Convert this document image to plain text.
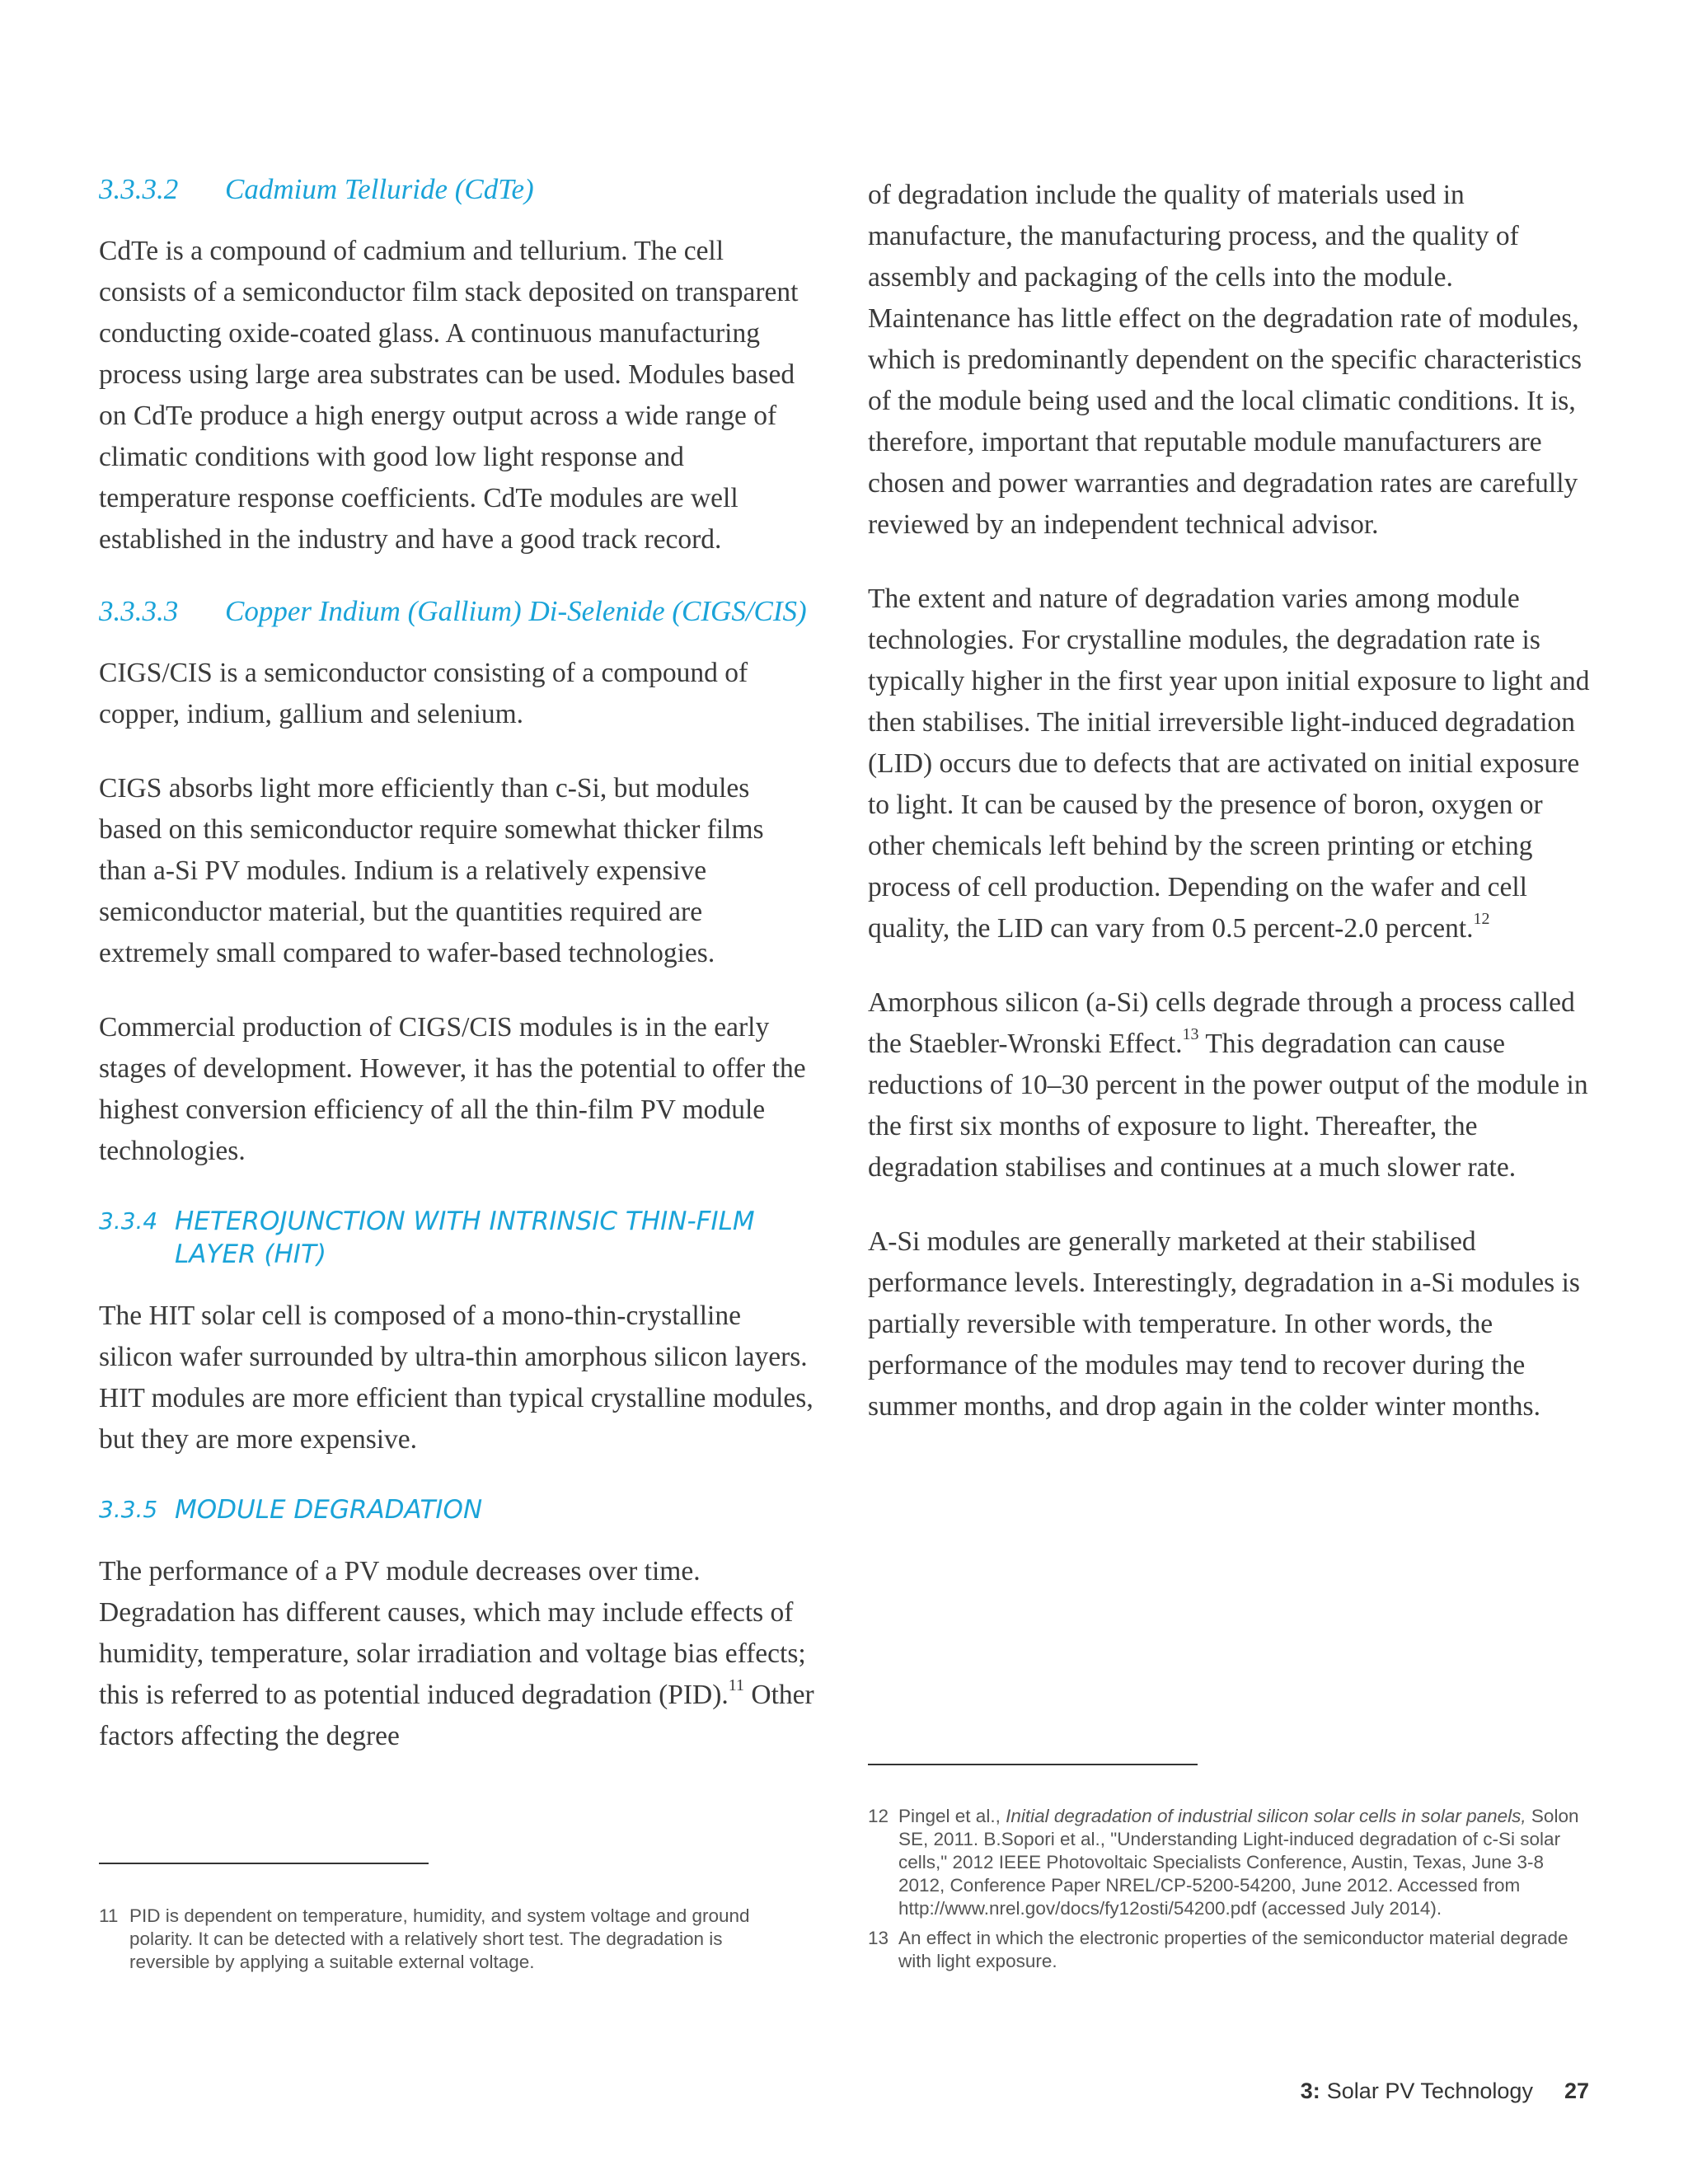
3.3.3.2	Cadmium Telluride (CdTe)

CdTe is a compound of cadmium and tellurium. The cell consists of a semiconductor film stack deposited on transparent conducting oxide-coated glass. A continuous manufacturing process using large area substrates can be used. Modules based on CdTe produce a high energy output across a wide range of climatic conditions with good low light response and temperature response coefficients. CdTe modules are well established in the industry and have a good track record.

3.3.3.3	Copper Indium (Gallium) Di-Selenide (CIGS/CIS)

CIGS/CIS is a semiconductor consisting of a compound of copper, indium, gallium and selenium.

CIGS absorbs light more efficiently than c-Si, but modules based on this semiconductor require somewhat thicker films than a-Si PV modules. Indium is a relatively expensive semiconductor material, but the quantities required are extremely small compared to wafer-based technologies.

Commercial production of CIGS/CIS modules is in the early stages of development. However, it has the potential to offer the highest conversion efficiency of all the thin-film PV module technologies.

3.3.4 HETEROJUNCTION WITH INTRINSIC THIN-FILM LAYER (HIT)

The HIT solar cell is composed of a mono-thin-crystalline silicon wafer surrounded by ultra-thin amorphous silicon layers. HIT modules are more efficient than typical crystalline modules, but they are more expensive.

3.3.5 MODULE DEGRADATION

The performance of a PV module decreases over time. Degradation has different causes, which may include effects of humidity, temperature, solar irradiation and voltage bias effects; this is referred to as potential induced degradation (PID).$^{11}$ Other factors affecting the degree

of degradation include the quality of materials used in manufacture, the manufacturing process, and the quality of assembly and packaging of the cells into the module. Maintenance has little effect on the degradation rate of modules, which is predominantly dependent on the specific characteristics of the module being used and the local climatic conditions. It is, therefore, important that reputable module manufacturers are chosen and power warranties and degradation rates are carefully reviewed by an independent technical advisor.

The extent and nature of degradation varies among module technologies. For crystalline modules, the degradation rate is typically higher in the first year upon initial exposure to light and then stabilises. The initial irreversible light-induced degradation (LID) occurs due to defects that are activated on initial exposure to light. It can be caused by the presence of boron, oxygen or other chemicals left behind by the screen printing or etching process of cell production. Depending on the wafer and cell quality, the LID can vary from 0.5 percent-2.0 percent.$^{12}$

Amorphous silicon (a-Si) cells degrade through a process called the Staebler-Wronski Effect.$^{13}$ This degradation can cause reductions of 10–30 percent in the power output of the module in the first six months of exposure to light. Thereafter, the degradation stabilises and continues at a much slower rate.

A-Si modules are generally marketed at their stabilised performance levels. Interestingly, degradation in a-Si modules is partially reversible with temperature. In other words, the performance of the modules may tend to recover during the summer months, and drop again in the colder winter months.

11 PID is dependent on temperature, humidity, and system voltage and ground polarity. It can be detected with a relatively short test. The degradation is reversible by applying a suitable external voltage.
12 Pingel et al., Initial degradation of industrial silicon solar cells in solar panels, Solon SE, 2011. B.Sopori et al., "Understanding Light-induced degradation of c-Si solar cells," 2012 IEEE Photovoltaic Specialists Conference, Austin, Texas, June 3-8 2012, Conference Paper NREL/CP-5200-54200, June 2012. Accessed from http://www.nrel.gov/docs/fy12osti/54200.pdf (accessed July 2014).
13 An effect in which the electronic properties of the semiconductor material degrade with light exposure.
3: Solar PV Technology 27
